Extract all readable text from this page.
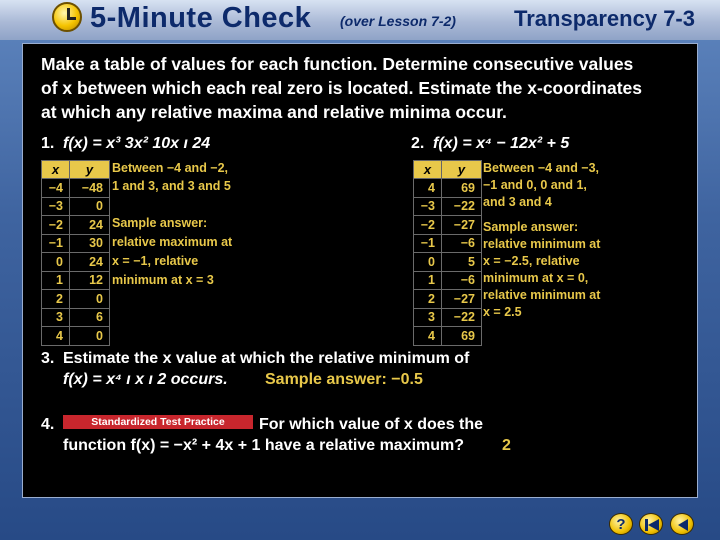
5-Minute Check (over Lesson 7-2)	Transparency 7-3
Make a table of values for each function. Determine consecutive values
of x between which each real zero is located. Estimate the x-coordinates
at which any relative maxima and relative minima occur.
1. f(x) = x³ 3x² 10x ı 24
x	y
−4	−48
−3	0
−2	24
−1	30
0	24
1	12
2	0
3	6
4	0
Between −4 and −2,
1 and 3, and 3 and 5
Sample answer:
relative maximum at
x = −1, relative
minimum at x = 3
2. f(x) = x⁴ − 12x² + 5
x	y
4	69
−3	−22
−2	−27
−1	−6
0	5
1	−6
2	−27
3	−22
4	69
Between −4 and −3,
−1 and 0, 0 and 1,
and 3 and 4
Sample answer:
relative minimum at
x = −2.5, relative
minimum at x = 0,
relative minimum at
x = 2.5
3. Estimate the x value at which the relative minimum of
f(x) = x⁴ ı x ı 2 occurs. Sample answer: −0.5
4.	For which value of x does the
function f(x) = −x² + 4x + 1 have a relative maximum? 2
Standardized Test Practice
?
